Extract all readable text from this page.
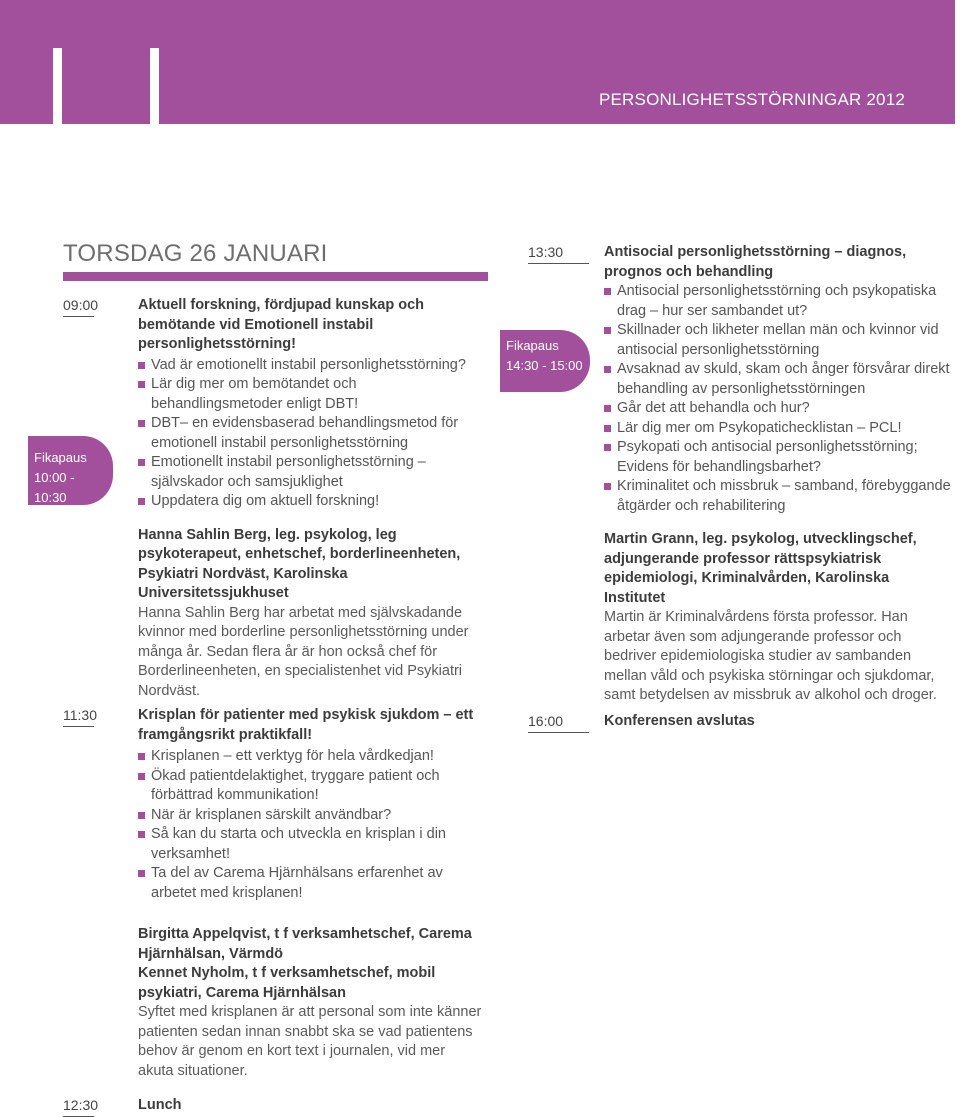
PERSONLIGHETSSTÖRNINGAR 2012
TORSDAG 26 JANUARI
Fikapaus
10:00 - 10:30
Fikapaus
14:30 - 15:00
09:00	Aktuell forskning, fördjupad kunskap och bemötande vid Emotionell instabil personlighetsstörning!
Vad är emotionellt instabil personlighetsstörning?
Lär dig mer om bemötandet och behandlingsmetoder enligt DBT!
DBT– en evidensbaserad behandlingsmetod för emotionell instabil personlighetsstörning
Emotionellt instabil personlighetsstörning – självskador och samsjuklighet
Uppdatera dig om aktuell forskning!
Hanna Sahlin Berg, leg. psykolog, leg psykoterapeut, enhetschef, borderlineenheten, Psykiatri Nordväst, Karolinska Universitetssjukhuset
Hanna Sahlin Berg har arbetat med självskadande kvinnor med borderline personlighetsstörning under många år. Sedan flera år är hon också chef för Borderlineenheten, en specialistenhet vid Psykiatri Nordväst.
11:30	Krisplan för patienter med psykisk sjukdom – ett framgångsrikt praktikfall!
Krisplanen – ett verktyg för hela vårdkedjan!
Ökad patientdelaktighet, tryggare patient och förbättrad kommunikation!
När är krisplanen särskilt användbar?
Så kan du starta och utveckla en krisplan i din verksamhet!
Ta del av Carema Hjärnhälsans erfarenhet av arbetet med krisplanen!
Birgitta Appelqvist, t f verksamhetschef, Carema Hjärnhälsan, Värmdö
Kennet Nyholm, t f verksamhetschef, mobil psykiatri, Carema Hjärnhälsan
Syftet med krisplanen är att personal som inte känner patienten sedan innan snabbt ska se vad patientens behov är genom en kort text i journalen, vid mer akuta situationer.
12:30	Lunch
13:30	Antisocial personlighetsstörning – diagnos, prognos och behandling
Antisocial personlighetsstörning och psykopatiska drag – hur ser sambandet ut?
Skillnader och likheter mellan män och kvinnor vid antisocial personlighetsstörning
Avsaknad av skuld, skam och ånger försvårar direkt behandling av personlighetsstörningen
Går det att behandla och hur?
Lär dig mer om Psykopatichecklistan – PCL!
Psykopati och antisocial personlighetsstörning; Evidens för behandlingsbarhet?
Kriminalitet och missbruk – samband, förebyggande åtgärder och rehabilitering
Martin Grann, leg. psykolog, utvecklingschef, adjungerande professor rättspsykiatrisk epidemiologi, Kriminalvården, Karolinska Institutet
Martin är Kriminalvårdens första professor. Han arbetar även som adjungerande professor och bedriver epidemiologiska studier av sambanden mellan våld och psykiska störningar och sjukdomar, samt betydelsen av missbruk av alkohol och droger.
16:00	Konferensen avslutas
